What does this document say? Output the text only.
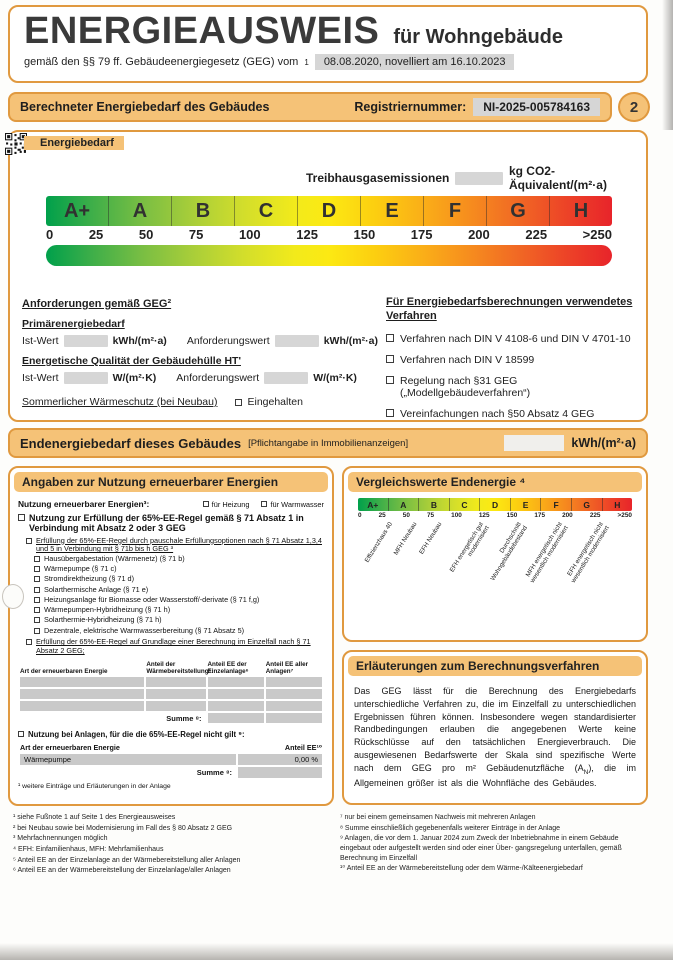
ENERGIEAUSWEIS für Wohngebäude
gemäß den §§ 79 ff. Gebäudeenergiegesetz (GEG) vom 1	08.08.2020, novelliert am 16.10.2023
Berechneter Energiebedarf des Gebäudes	Registriernummer:	NI-2025-005784163	2
Energiebedarf
Treibhausgasemissionen	kg CO2-Äquivalent/(m²·a)
A+	A	B	C	D	E	F	G	H
0	25	50	75	100	125	150	175	200	225	>250
Anforderungen gemäß GEG²
Primärenergiebedarf
Ist-Wert	kWh/(m²·a) Anforderungswert	kWh/(m²·a)
Energetische Qualität der Gebäudehülle HT'
Ist-Wert	W/(m²·K) Anforderungswert	W/(m²·K)
Sommerlicher Wärmeschutz (bei Neubau)	Eingehalten
Für Energiebedarfsberechnungen verwendetes Verfahren
Verfahren nach DIN V 4108-6 und DIN V 4701-10
Verfahren nach DIN V 18599
Regelung nach §31 GEG („Modellgebäudeverfahren“)
Vereinfachungen nach §50 Absatz 4 GEG
Endenergiebedarf dieses Gebäudes [Pflichtangabe in Immobilienanzeigen]	kWh/(m²·a)
Angaben zur Nutzung erneuerbarer Energien
Nutzung erneuerbarer Energien³:	für Heizung	für Warmwasser
Nutzung zur Erfüllung der 65%-EE-Regel gemäß § 71 Absatz 1 in Verbindung mit Absatz 2 oder 3 GEG
Erfüllung der 65%-EE-Regel durch pauschale Erfüllungsoptionen nach § 71 Absatz 1,3,4 und 5 in Verbindung mit § 71b bis h GEG ³
Hausübergabestation (Wärmenetz) (§ 71 b)
Wärmepumpe (§ 71 c)
Stromdirektheizung (§ 71 d)
Solarthermische Anlage (§ 71 e)
Heizungsanlage für Biomasse oder Wasserstoff/-derivate (§ 71 f,g)
Wärmepumpen-Hybridheizung (§ 71 h)
Solarthermie-Hybridheizung (§ 71 h)
Dezentrale, elektrische Warmwasserbereitung (§ 71 Absatz 5)
Erfüllung der 65%-EE-Regel auf Grundlage einer Berechnung im Einzelfall nach § 71 Absatz 2 GEG;
Art der erneuerbaren Energie	Anteil der Wärmebereitstellung⁵:	Anteil EE der Einzelanlage⁶	Anteil EE aller Anlagen⁷

Summe ⁸:			
Nutzung bei Anlagen, für die die 65%-EE-Regel nicht gilt ⁹:
Art der erneuerbaren Energie	Anteil EE¹⁰
Wärmepumpe	0,00 %
Summe ⁸:	
¹ weitere Einträge und Erläuterungen in der Anlage
Vergleichswerte Endenergie ⁴
A+	A	B	C	D	E	F	G	H
0	25	50	75	100	125	150	175	200	225	>250
Effizienzhaus 40
MFH Neubau EFH Neubau EFH energetisch gut modernisiert	Durchschnitt Wohngebäudebestand
MFH energetisch nicht wesentlich modernisiert
EFH energetisch nicht wesentlich modernisiert
Erläuterungen zum Berechnungsverfahren
Das GEG lässt für die Berechnung des Energiebedarfs unterschiedliche Verfahren zu, die im Einzelfall zu unterschiedlichen Ergebnissen führen können. Insbesondere wegen standardisierter Randbedingungen erlauben die angegebenen Werte keine Rückschlüsse auf den tatsächlichen Energieverbrauch. Die ausgewiesenen Bedarfswerte der Skala sind spezifische Werte nach dem GEG pro m² Gebäudenutzfläche $(A_N)$, die im Allgemeinen größer ist als die Wohnfläche des Gebäudes.
¹ siehe Fußnote 1 auf Seite 1 des Energieausweises
² bei Neubau sowie bei Modernisierung im Fall des § 80 Absatz 2 GEG
³ Mehrfachnennungen möglich
⁴ EFH: Einfamilienhaus, MFH: Mehrfamilienhaus
⁵ Anteil EE an der Einzelanlage an der Wärmebereitstellung aller Anlagen
⁶ Anteil EE an der Wärmebereitstellung der Einzelanlage/aller Anlagen
⁷ nur bei einem gemeinsamen Nachweis mit mehreren Anlagen
⁸ Summe einschließlich gegebenenfalls weiterer Einträge in der Anlage
⁹ Anlagen, die vor dem 1. Januar 2024 zum Zweck der Inbetriebnahme in einem Gebäude eingebaut oder aufgestellt werden sind oder einer Über- gangsregelung unterfallen, gemäß Berechnung im Einzelfall
¹⁰ Anteil EE an der Wärmebereitstellung oder dem Wärme-/Kälteenergiebedarf
